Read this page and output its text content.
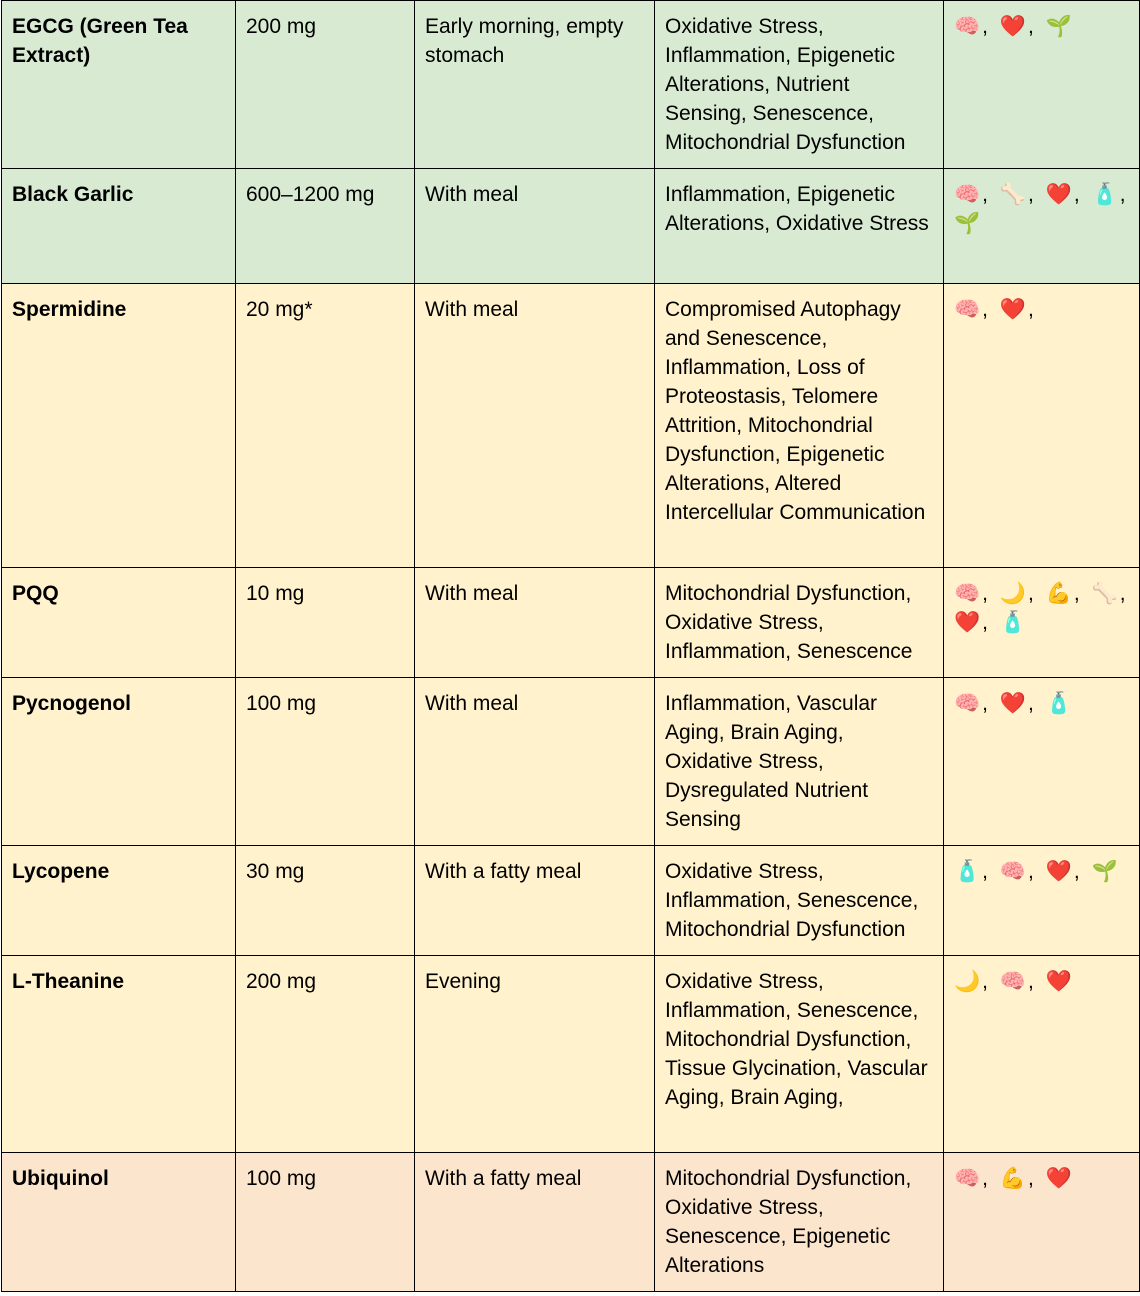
EGCG (Green Tea Extract)	200 mg	Early morning, empty stomach	Oxidative Stress, Inflammation, Epigenetic Alterations, Nutrient Sensing, Senescence, Mitochondrial Dysfunction	🧠, ❤️, 🌱
Black Garlic	600–1200 mg	With meal	Inflammation, Epigenetic Alterations, Oxidative Stress	🧠, 🦴, ❤️, 🧴, 🌱
Spermidine	20 mg*	With meal	Compromised Autophagy and Senescence, Inflammation, Loss of Proteostasis, Telomere Attrition, Mitochondrial Dysfunction, Epigenetic Alterations, Altered Intercellular Communication	🧠, ❤️,
PQQ	10 mg	With meal	Mitochondrial Dysfunction, Oxidative Stress, Inflammation, Senescence	🧠, 🌙, 💪, 🦴, ❤️, 🧴
Pycnogenol	100 mg	With meal	Inflammation, Vascular Aging, Brain Aging, Oxidative Stress, Dysregulated Nutrient Sensing	🧠, ❤️, 🧴
Lycopene	30 mg	With a fatty meal	Oxidative Stress, Inflammation, Senescence, Mitochondrial Dysfunction	🧴, 🧠, ❤️, 🌱
L-Theanine	200 mg	Evening	Oxidative Stress, Inflammation, Senescence, Mitochondrial Dysfunction, Tissue Glycination, Vascular Aging, Brain Aging,	🌙, 🧠, ❤️
Ubiquinol	100 mg	With a fatty meal	Mitochondrial Dysfunction, Oxidative Stress, Senescence, Epigenetic Alterations	🧠, 💪, ❤️
